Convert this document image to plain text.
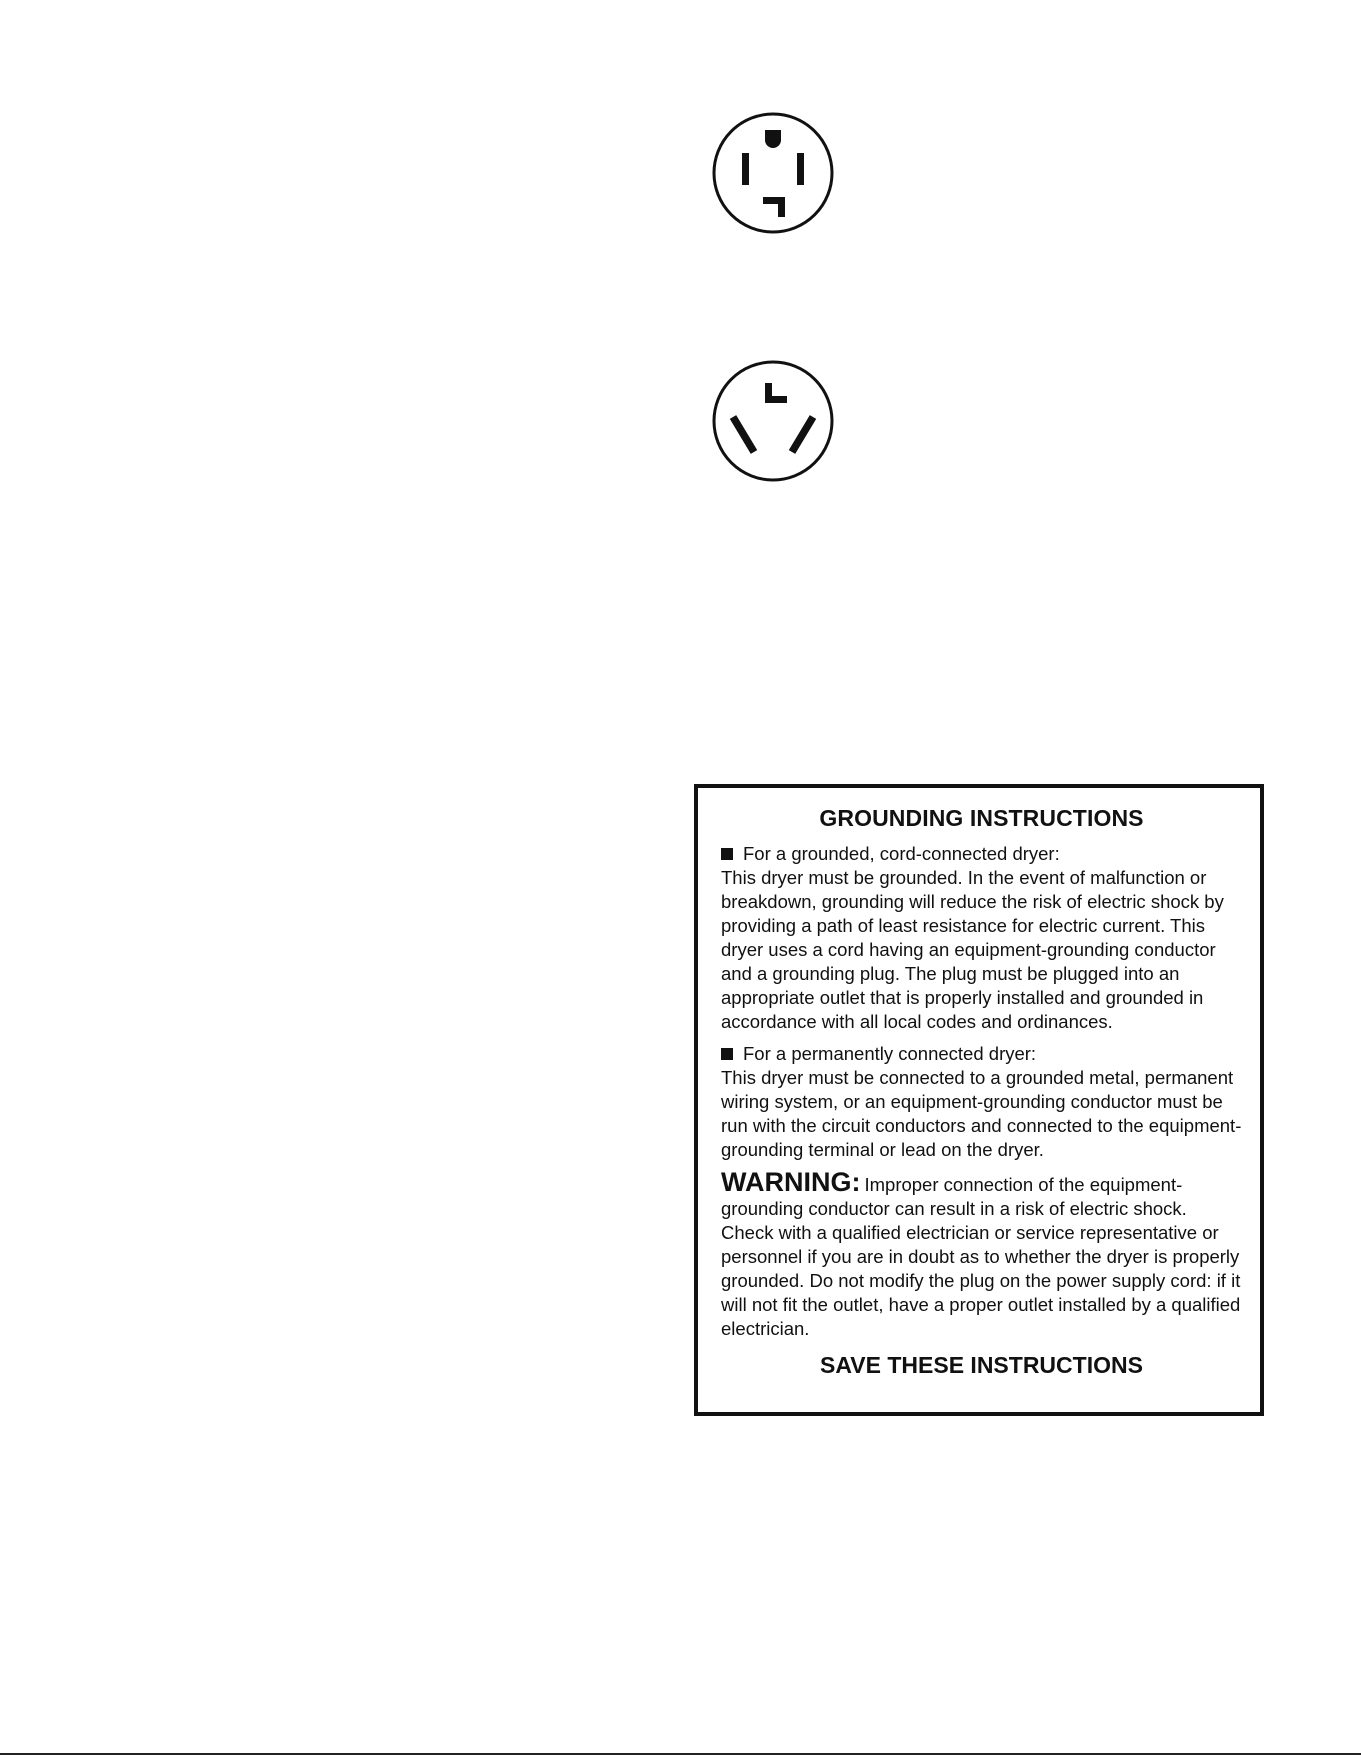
GROUNDING INSTRUCTIONS
For a grounded, cord-connected dryer:

This dryer must be grounded. In the event of malfunction or breakdown, grounding will reduce the risk of electric shock by providing a path of least resistance for electric current. This dryer uses a cord having an equipment-grounding conductor and a grounding plug. The plug must be plugged into an appropriate outlet that is properly installed and grounded in accordance with all local codes and ordinances.

For a permanently connected dryer:

This dryer must be connected to a grounded metal, permanent wiring system, or an equipment-grounding conductor must be run with the circuit conductors and connected to the equipment-grounding terminal or lead on the dryer.

WARNING: Improper connection of the equipment-grounding conductor can result in a risk of electric shock. Check with a qualified electrician or service representative or personnel if you are in doubt as to whether the dryer is properly grounded. Do not modify the plug on the power supply cord: if it will not fit the outlet, have a proper outlet installed by a qualified electrician.

SAVE THESE INSTRUCTIONS
